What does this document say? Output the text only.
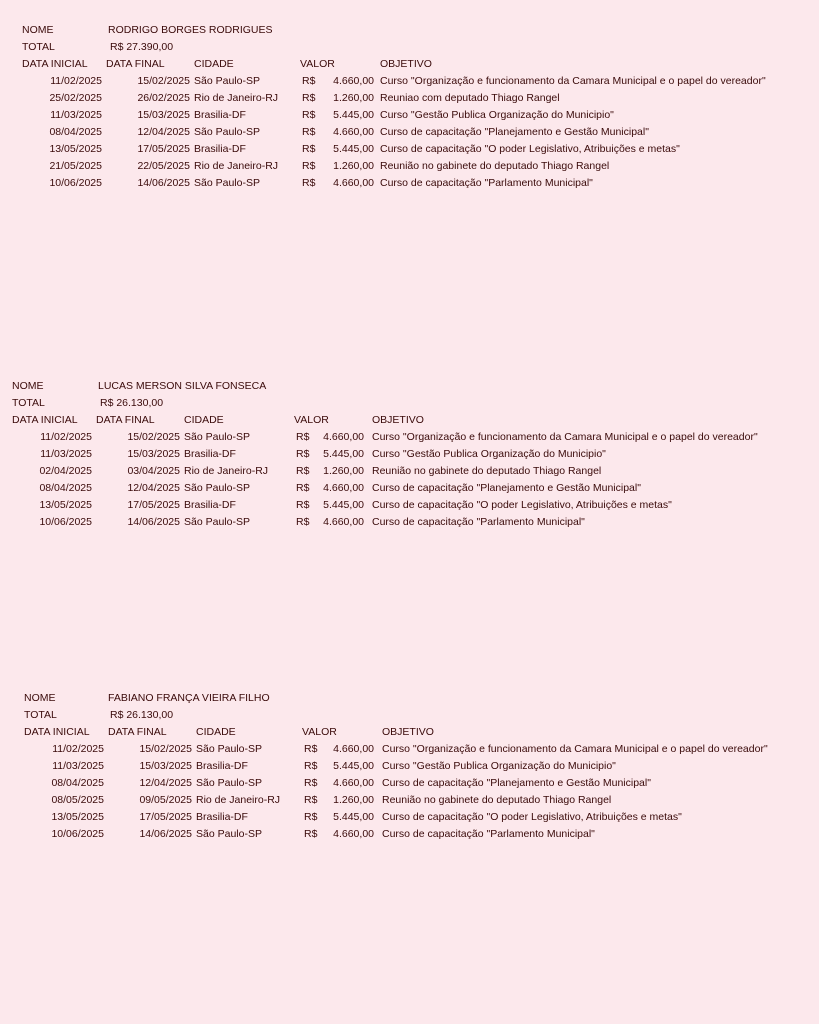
NOME	RODRIGO BORGES RODRIGUES
TOTAL	R$ 27.390,00
DATA INICIAL DATA FINAL	CIDADE	VALOR	OBJETIVO
11/02/2025	15/02/2025 São Paulo-SP	R$	4.660,00 Curso "Organização e funcionamento da Camara Municipal e o papel do vereador"
25/02/2025	26/02/2025 Rio de Janeiro-RJ R$	1.260,00 Reuniao com deputado Thiago Rangel
11/03/2025	15/03/2025 Brasilia-DF	R$	5.445,00 Curso "Gestão Publica Organização do Municipio"
08/04/2025	12/04/2025 São Paulo-SP	R$	4.660,00 Curso de capacitação "Planejamento e Gestão Municipal"
13/05/2025	17/05/2025 Brasilia-DF	R$	5.445,00 Curso de capacitação "O poder Legislativo, Atribuições e metas"
21/05/2025	22/05/2025 Rio de Janeiro-RJ R$	1.260,00 Reunião no gabinete do deputado Thiago Rangel
10/06/2025	14/06/2025 São Paulo-SP	R$	4.660,00 Curso de capacitação "Parlamento Municipal"
NOME	LUCAS MERSON SILVA FONSECA
TOTAL	R$ 26.130,00
DATA INICIAL DATA FINAL	CIDADE	VALOR	OBJETIVO
11/02/2025	15/02/2025 São Paulo-SP	R$	4.660,00 Curso "Organização e funcionamento da Camara Municipal e o papel do vereador"
11/03/2025	15/03/2025 Brasilia-DF	R$	5.445,00 Curso "Gestão Publica Organização do Municipio"
02/04/2025	03/04/2025 Rio de Janeiro-RJ	R$	1.260,00 Reunião no gabinete do deputado Thiago Rangel
08/04/2025	12/04/2025 São Paulo-SP	R$	4.660,00 Curso de capacitação "Planejamento e Gestão Municipal"
13/05/2025	17/05/2025 Brasilia-DF	R$	5.445,00 Curso de capacitação "O poder Legislativo, Atribuições e metas"
10/06/2025	14/06/2025 São Paulo-SP	R$	4.660,00 Curso de capacitação "Parlamento Municipal"
NOME	FABIANO FRANÇA VIEIRA FILHO
TOTAL	R$ 26.130,00
DATA INICIAL DATA FINAL	CIDADE	VALOR	OBJETIVO
11/02/2025	15/02/2025 São Paulo-SP	R$	4.660,00 Curso "Organização e funcionamento da Camara Municipal e o papel do vereador"
11/03/2025	15/03/2025 Brasilia-DF	R$	5.445,00 Curso "Gestão Publica Organização do Municipio"
08/04/2025	12/04/2025 São Paulo-SP	R$	4.660,00 Curso de capacitação "Planejamento e Gestão Municipal"
08/05/2025	09/05/2025 Rio de Janeiro-RJ R$	1.260,00 Reunião no gabinete do deputado Thiago Rangel
13/05/2025	17/05/2025 Brasilia-DF	R$	5.445,00 Curso de capacitação "O poder Legislativo, Atribuições e metas"
10/06/2025	14/06/2025 São Paulo-SP	R$	4.660,00 Curso de capacitação "Parlamento Municipal"
